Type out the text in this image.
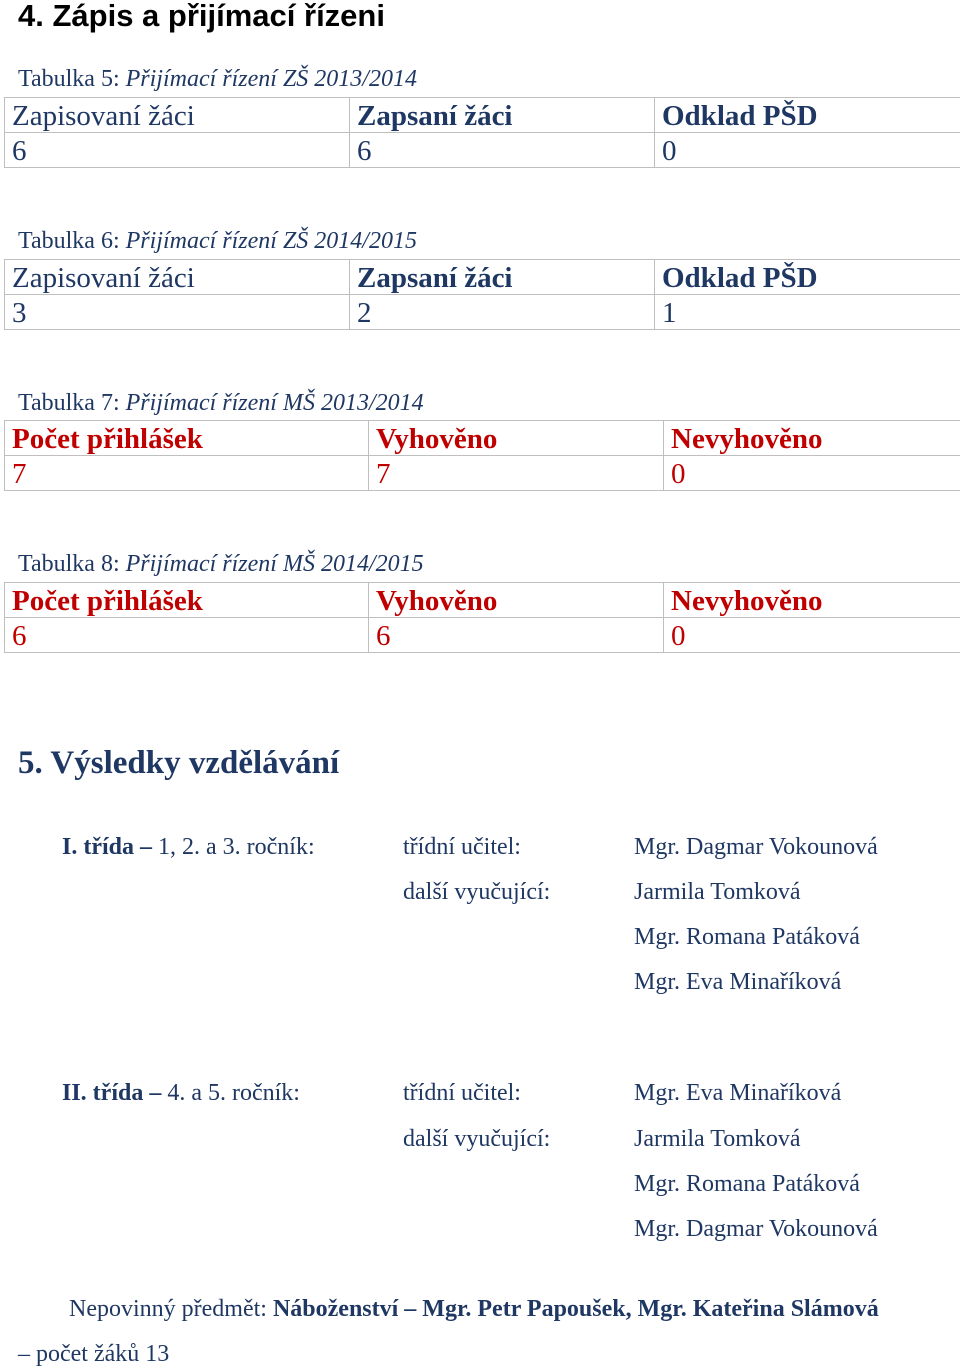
4. Zápis a přijímací řízeni
Tabulka 5: Přijímací řízení ZŠ 2013/2014
Zapisovaní žáci	Zapsaní žáci	Odklad PŠD
6	6	0
Tabulka 6: Přijímací řízení ZŠ 2014/2015
Zapisovaní žáci	Zapsaní žáci	Odklad PŠD
3	2	1
Tabulka 7: Přijímací řízení MŠ 2013/2014
Počet přihlášek	Vyhověno	Nevyhověno
7	7	0
Tabulka 8: Přijímací řízení MŠ 2014/2015
Počet přihlášek	Vyhověno	Nevyhověno
6	6	0
5. Výsledky vzdělávání
I. třída – 1, 2. a 3. ročník:	třídní učitel:	Mgr. Dagmar Vokounová
další vyučující:	Jarmila Tomková
Mgr. Romana Patáková
Mgr. Eva Minaříková
II. třída – 4. a 5. ročník:	třídní učitel:	Mgr. Eva Minaříková
další vyučující:	Jarmila Tomková
Mgr. Romana Patáková
Mgr. Dagmar Vokounová
Nepovinný předmět: Náboženství – Mgr. Petr Papoušek, Mgr. Kateřina Slámová
– počet žáků 13
